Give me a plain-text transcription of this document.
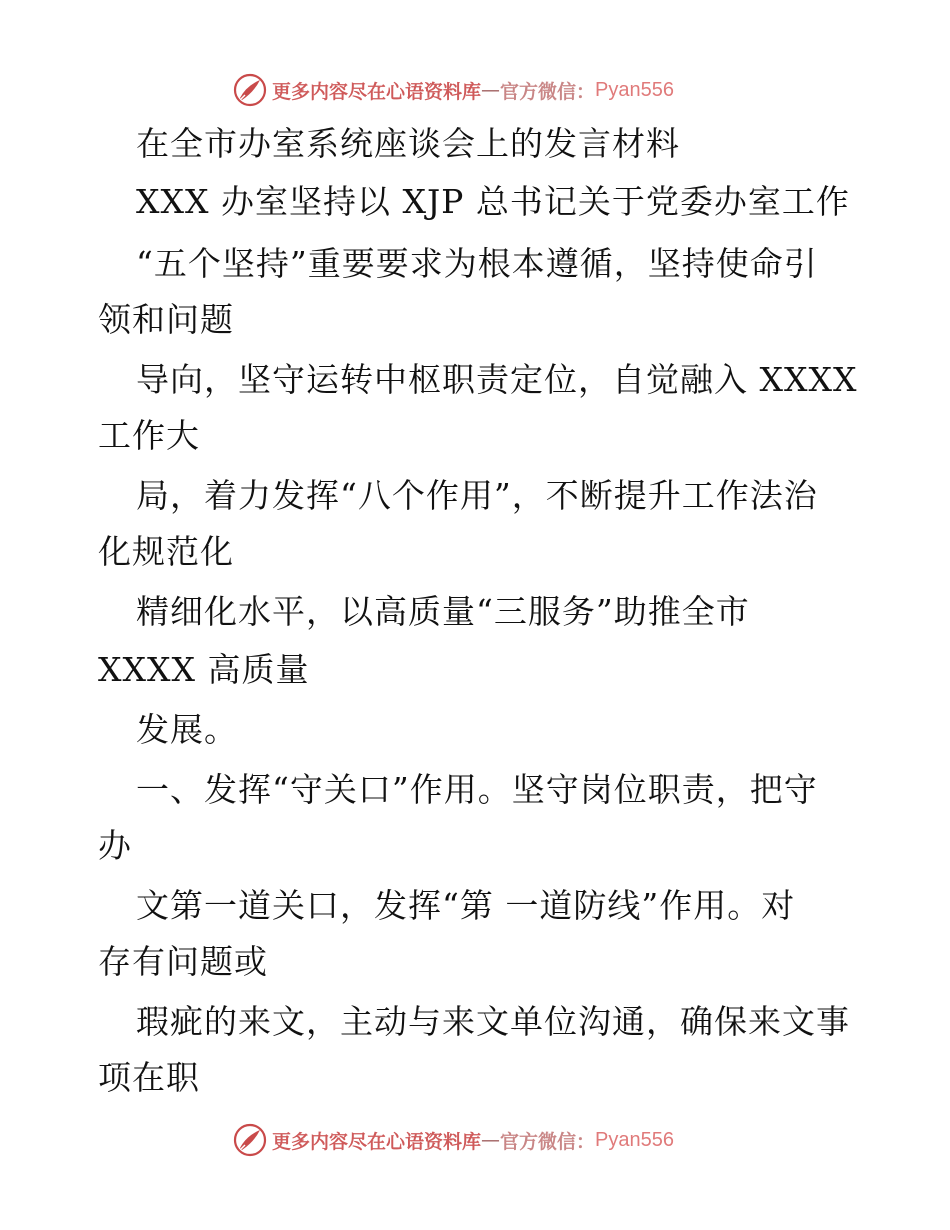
更多内容尽在心语资料库 — 官方微信： Pyan556
在全市办室系统座谈会上的发言材料
XXX 办室坚持以 XJP 总书记关于党委办室工作
“五个坚持”重要要求为根本遵循，坚持使命引
领和问题
导向，坚守运转中枢职责定位，自觉融入 XXXX
工作大
局，着力发挥“八个作用”，不断提升工作法治
化规范化
精细化水平，以高质量“三服务”助推全市
XXXX 高质量
发展。
一、发挥“守关口”作用。坚守岗位职责，把守
办
文第一道关口，发挥“第 一道防线”作用。对
存有问题或
瑕疵的来文，主动与来文单位沟通，确保来文事
项在职
更多内容尽在心语资料库 — 官方微信： Pyan556
